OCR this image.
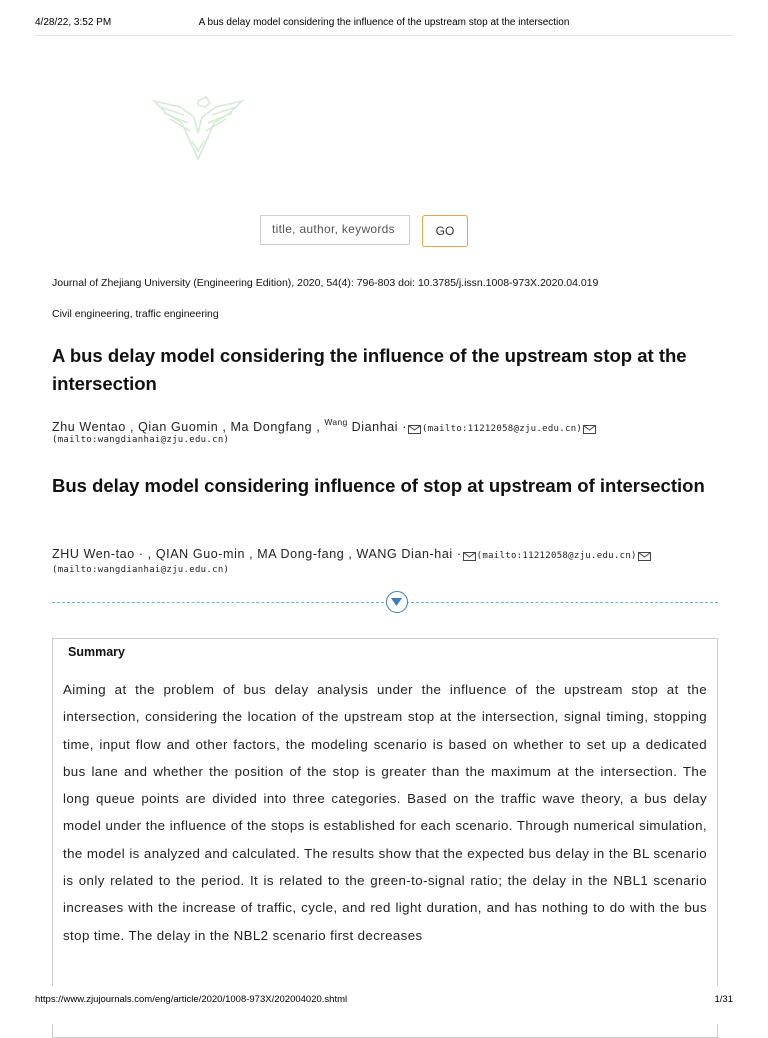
4/28/22, 3:52 PM	A bus delay model considering the influence of the upstream stop at the intersection
title, author, keywords	GO
Journal of Zhejiang University (Engineering Edition), 2020, 54(4): 796-803 doi: 10.3785/j.issn.1008-973X.2020.04.019
Civil engineering, traffic engineering
A bus delay model considering the influence of the upstream stop at the intersection
Zhu Wentao , Qian Guomin , Ma Dongfang , $^{Wang}$ Dianhai · (mailto:11212058@zju.edu.cn)
(mailto:wangdianhai@zju.edu.cn)
Bus delay model considering influence of stop at upstream of intersection
ZHU Wen-tao · , QIAN Guo-min , MA Dong-fang , WANG Dian-hai · (mailto:11212058@zju.edu.cn)
(mailto:wangdianhai@zju.edu.cn)
Summary

Aiming at the problem of bus delay analysis under the influence of the upstream stop at the intersection, considering the location of the upstream stop at the intersection, signal timing, stopping time, input flow and other factors, the modeling scenario is based on whether to set up a dedicated bus lane and whether the position of the stop is greater than the maximum at the intersection. The long queue points are divided into three categories. Based on the traffic wave theory, a bus delay model under the influence of the stops is established for each scenario. Through numerical simulation, the model is analyzed and calculated. The results show that the expected bus delay in the BL scenario is only related to the period. It is related to the green-to-signal ratio; the delay in the NBL1 scenario increases with the increase of traffic, cycle, and red light duration, and has nothing to do with the bus stop time. The delay in the NBL2 scenario first decreases

https://www.zjujournals.com/eng/article/2020/1008-973X/202004020.shtml	1/31
